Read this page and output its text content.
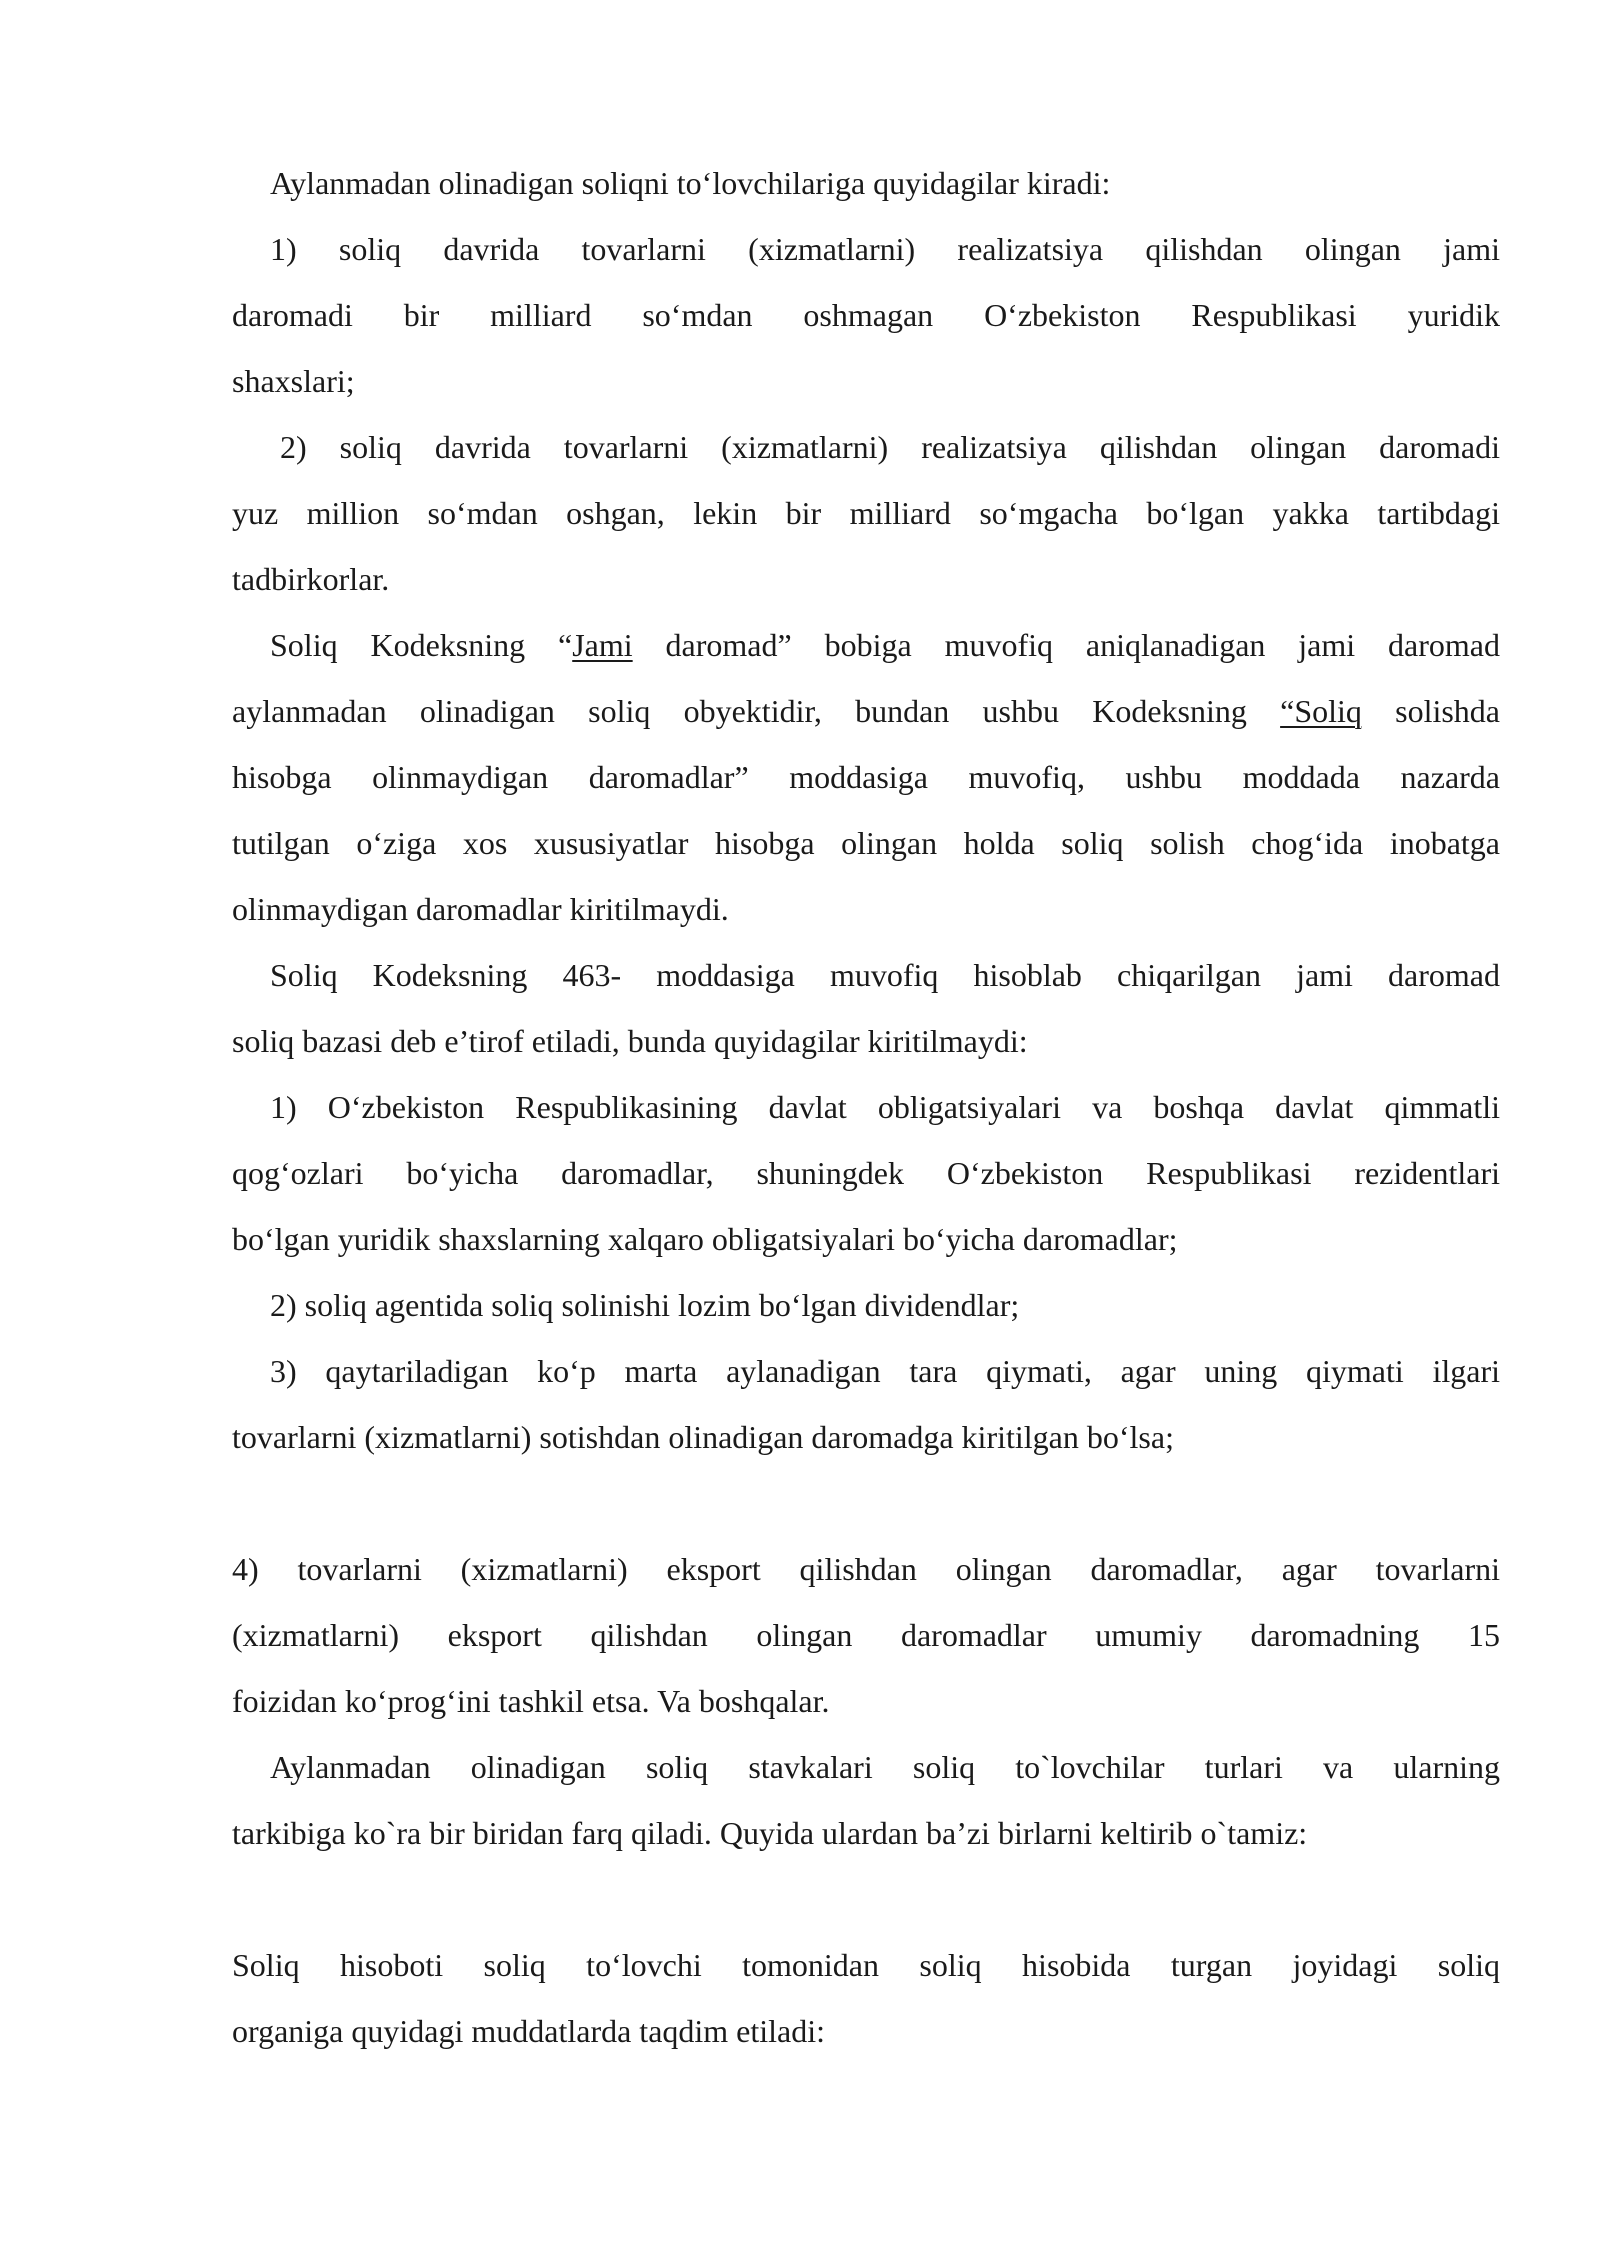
Aylanmadan olinadigan soliqni to‘lovchilariga quyidagilar kiradi:
1) soliq davrida tovarlarni (xizmatlarni) realizatsiya qilishdan olingan jami
daromadi bir milliard so‘mdan oshmagan O‘zbekiston Respublikasi yuridik
shaxslari;
2) soliq davrida tovarlarni (xizmatlarni) realizatsiya qilishdan olingan daromadi
yuz million so‘mdan oshgan, lekin bir milliard so‘mgacha bo‘lgan yakka tartibdagi
tadbirkorlar.
Soliq Kodeksning “Jami daromad” bobiga muvofiq aniqlanadigan jami daromad
aylanmadan olinadigan soliq obyektidir, bundan ushbu Kodeksning “Soliq solishda
hisobga olinmaydigan daromadlar” moddasiga muvofiq, ushbu moddada nazarda
tutilgan o‘ziga xos xususiyatlar hisobga olingan holda soliq solish chog‘ida inobatga
olinmaydigan daromadlar kiritilmaydi.
Soliq Kodeksning 463- moddasiga muvofiq hisoblab chiqarilgan jami daromad
soliq bazasi deb e’tirof etiladi, bunda quyidagilar kiritilmaydi:
1) O‘zbekiston Respublikasining davlat obligatsiyalari va boshqa davlat qimmatli
qog‘ozlari bo‘yicha daromadlar, shuningdek O‘zbekiston Respublikasi rezidentlari
bo‘lgan yuridik shaxslarning xalqaro obligatsiyalari bo‘yicha daromadlar;
2) soliq agentida soliq solinishi lozim bo‘lgan dividendlar;
3) qaytariladigan ko‘p marta aylanadigan tara qiymati, agar uning qiymati ilgari
tovarlarni (xizmatlarni) sotishdan olinadigan daromadga kiritilgan bo‘lsa;
4) tovarlarni (xizmatlarni) eksport qilishdan olingan daromadlar, agar tovarlarni
(xizmatlarni) eksport qilishdan olingan daromadlar umumiy daromadning 15
foizidan ko‘prog‘ini tashkil etsa. Va boshqalar.
Aylanmadan olinadigan soliq stavkalari soliq to`lovchilar turlari va ularning
tarkibiga ko`ra bir biridan farq qiladi. Quyida ulardan ba’zi birlarni keltirib o`tamiz:
Soliq hisoboti soliq to‘lovchi tomonidan soliq hisobida turgan joyidagi soliq
organiga quyidagi muddatlarda taqdim etiladi:
